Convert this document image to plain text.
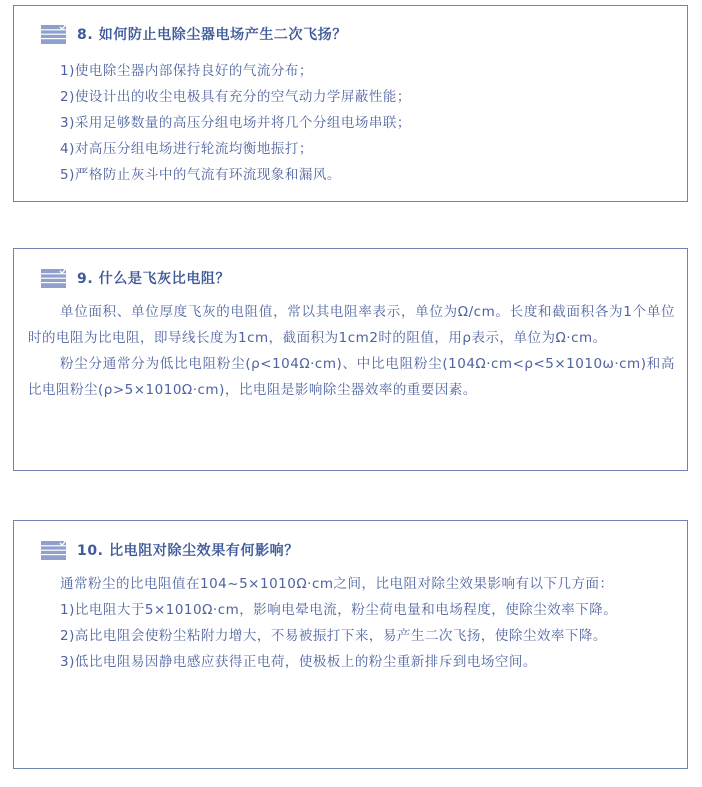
8. 如何防止电除尘器电场产生二次飞扬？
1)使电除尘器内部保持良好的气流分布；
2)使设计出的收尘电极具有充分的空气动力学屏蔽性能；
3)采用足够数量的高压分组电场并将几个分组电场串联；
4)对高压分组电场进行轮流均衡地振打；
5)严格防止灰斗中的气流有环流现象和漏风。
9. 什么是飞灰比电阻？

单位面积、单位厚度飞灰的电阻值，常以其电阻率表示，单位为Ω/cm。长度和截面积各为1个单位时的电阻为比电阻，即导线长度为1cm，截面积为1cm2时的阻值，用ρ表示，单位为Ω·cm。

粉尘分通常分为低比电阻粉尘(ρ<104Ω·cm)、中比电阻粉尘(104Ω·cm<ρ<5×1010ω·cm)和高比电阻粉尘(ρ>5×1010Ω·cm)，比电阻是影响除尘器效率的重要因素。

10. 比电阻对除尘效果有何影响？

通常粉尘的比电阻值在104~5×1010Ω·cm之间，比电阻对除尘效果影响有以下几方面：

1)比电阻大于5×1010Ω·cm，影响电晕电流，粉尘荷电量和电场程度，使除尘效率下降。

2)高比电阻会使粉尘粘附力增大，不易被振打下来，易产生二次飞扬，使除尘效率下降。

3)低比电阻易因静电感应获得正电荷，使极板上的粉尘重新排斥到电场空间。
